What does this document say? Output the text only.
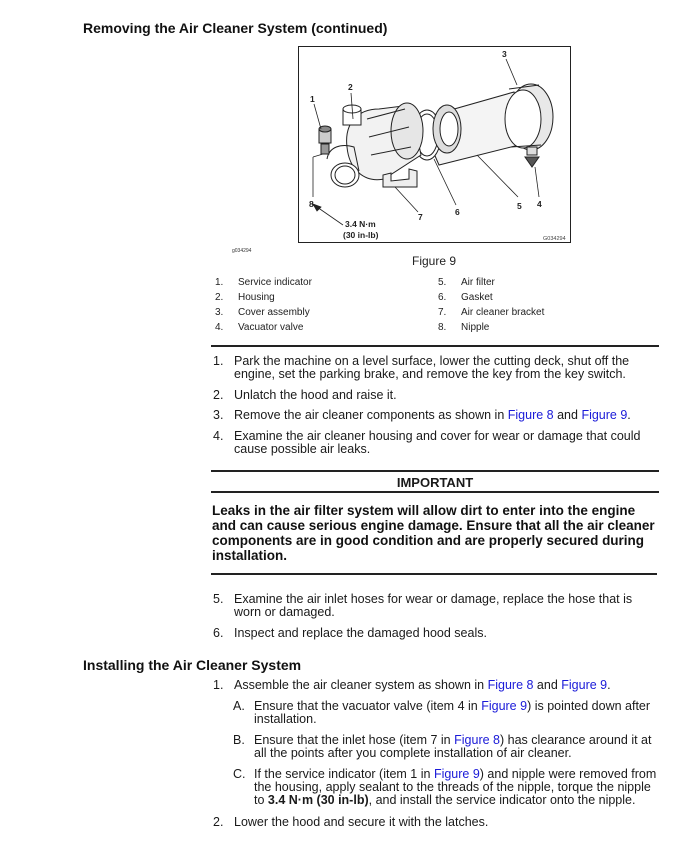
Removing the Air Cleaner System (continued)
1
2
3
4
5
6
7
8
3.4 N·m
(30 in-lb)	G034294
g034294
Figure 9
1. Service indicator
2. Housing
3. Cover assembly
4. Vacuator valve
5. Air filter
6. Gasket
7. Air cleaner bracket
8. Nipple
1. Park the machine on a level surface, lower the cutting deck, shut off the
engine, set the parking brake, and remove the key from the key switch.
2. Unlatch the hood and raise it.
3. Remove the air cleaner components as shown in Figure 8 and Figure 9.
4. Examine the air cleaner housing and cover for wear or damage that could
cause possible air leaks.
IMPORTANT
Leaks in the air filter system will allow dirt to enter into the engine
and can cause serious engine damage. Ensure that all the air cleaner
components are in good condition and are properly secured during
installation.
5. Examine the air inlet hoses for wear or damage, replace the hose that is
worn or damaged.
6. Inspect and replace the damaged hood seals.
Installing the Air Cleaner System
1. Assemble the air cleaner system as shown in Figure 8 and Figure 9.
A. Ensure that the vacuator valve (item 4 in Figure 9) is pointed down after
installation.
B. Ensure that the inlet hose (item 7 in Figure 8) has clearance around it at
all the points after you complete installation of air cleaner.
C. If the service indicator (item 1 in Figure 9) and nipple were removed from
the housing, apply sealant to the threads of the nipple, torque the nipple
to 3.4 N·m (30 in-lb), and install the service indicator onto the nipple.
2. Lower the hood and secure it with the latches.
